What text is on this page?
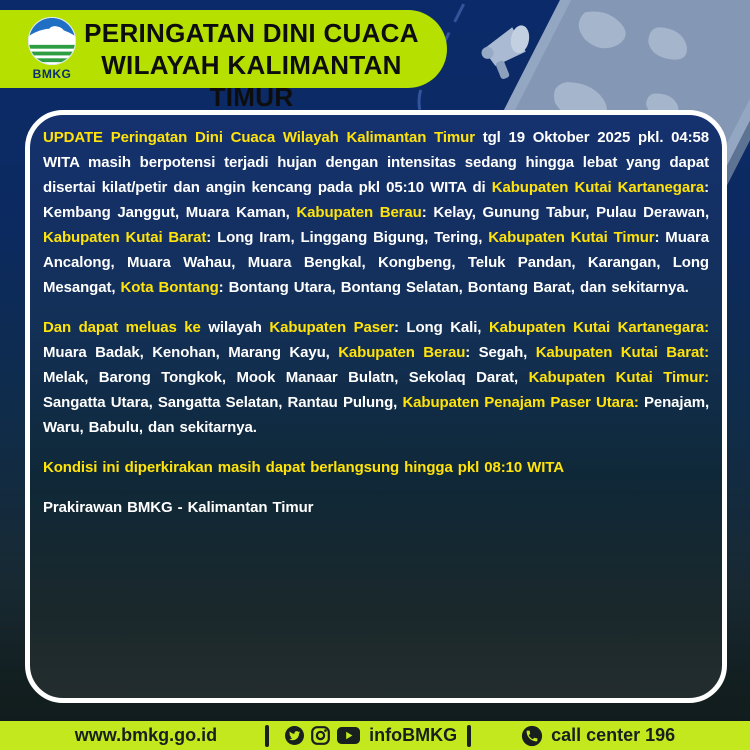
BMKG
PERINGATAN DINI CUACA
WILAYAH KALIMANTAN TIMUR

UPDATE Peringatan Dini Cuaca Wilayah Kalimantan Timur tgl 19 Oktober 2025 pkl. 04:58 WITA masih berpotensi terjadi hujan dengan intensitas sedang hingga lebat yang dapat disertai kilat/petir dan angin kencang pada pkl 05:10 WITA di Kabupaten Kutai Kartanegara: Kembang Janggut, Muara Kaman, Kabupaten Berau: Kelay, Gunung Tabur, Pulau Derawan, Kabupaten Kutai Barat: Long Iram, Linggang Bigung, Tering, Kabupaten Kutai Timur: Muara Ancalong, Muara Wahau, Muara Bengkal, Kongbeng, Teluk Pandan, Karangan, Long Mesangat, Kota Bontang: Bontang Utara, Bontang Selatan, Bontang Barat, dan sekitarnya.

Dan dapat meluas ke wilayah Kabupaten Paser: Long Kali, Kabupaten Kutai Kartanegara: Muara Badak, Kenohan, Marang Kayu, Kabupaten Berau: Segah, Kabupaten Kutai Barat: Melak, Barong Tongkok, Mook Manaar Bulatn, Sekolaq Darat, Kabupaten Kutai Timur: Sangatta Utara, Sangatta Selatan, Rantau Pulung, Kabupaten Penajam Paser Utara: Penajam, Waru, Babulu, dan sekitarnya.

Kondisi ini diperkirakan masih dapat berlangsung hingga pkl 08:10 WITA

Prakirawan BMKG - Kalimantan Timur

www.bmkg.go.id	infoBMKG	call center 196
